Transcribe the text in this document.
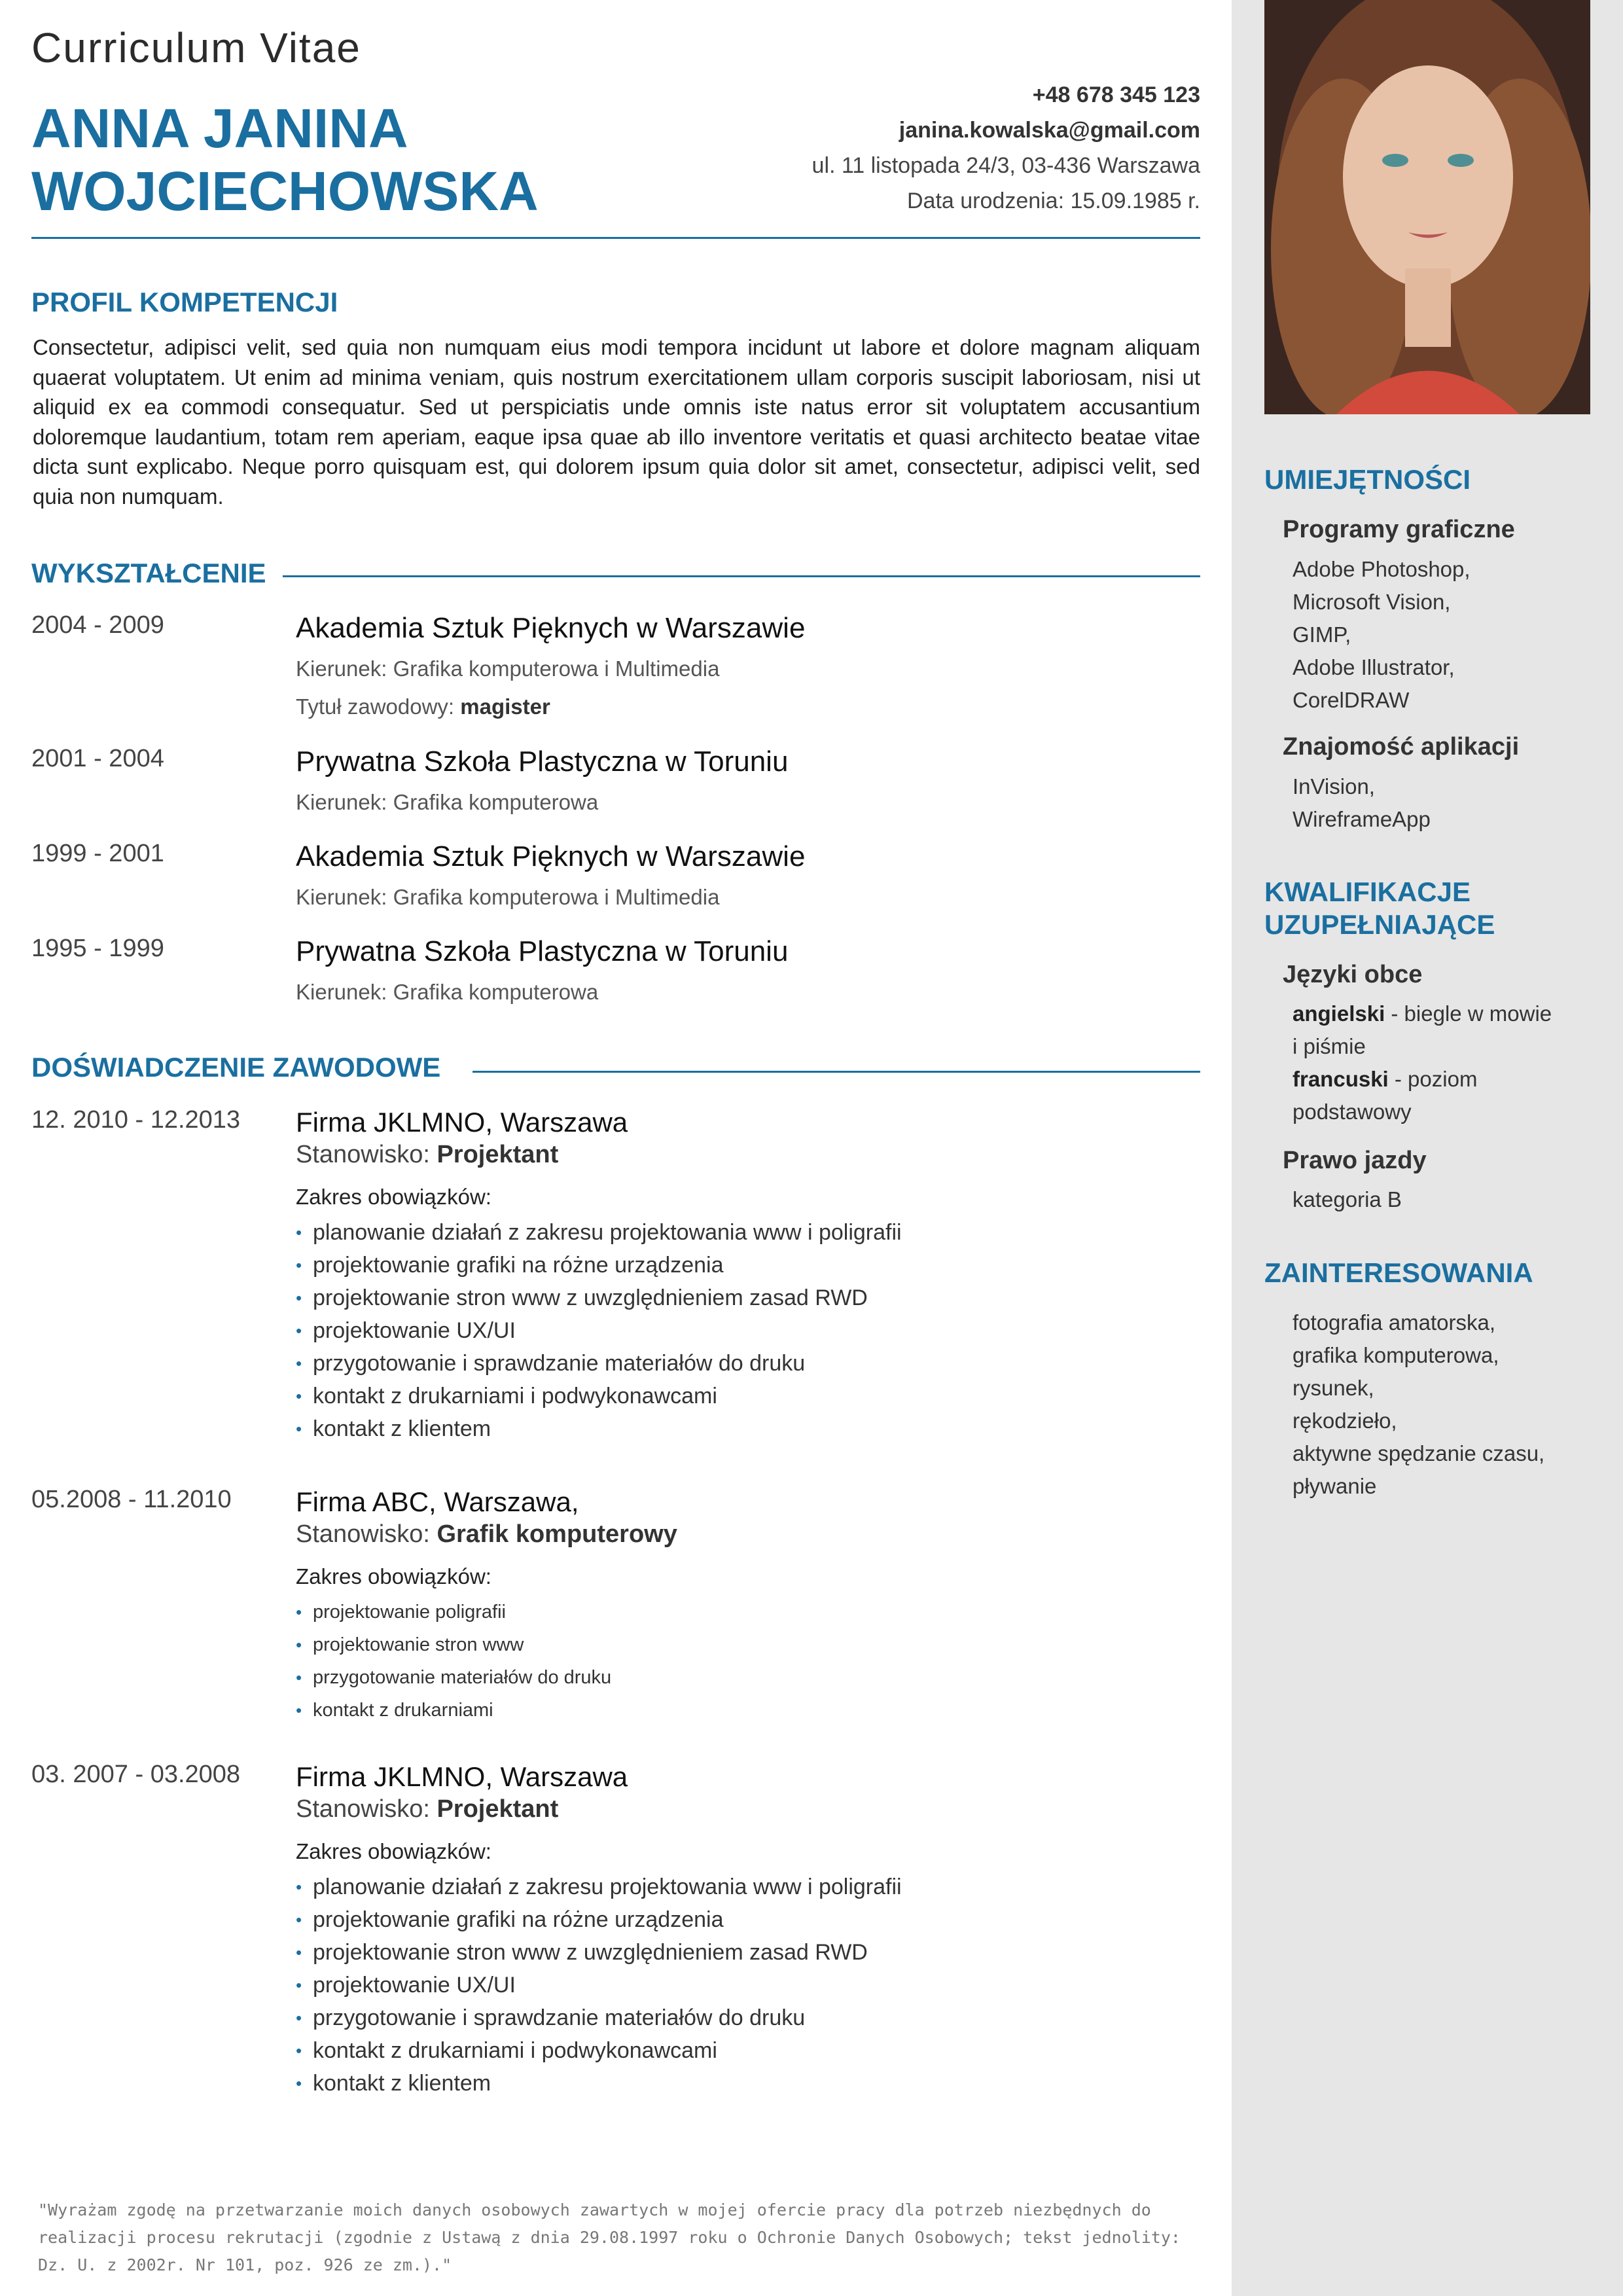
Curriculum Vitae
ANNA JANINA
WOJCIECHOWSKA
+48 678 345 123
janina.kowalska@gmail.com
ul. 11 listopada 24/3, 03-436 Warszawa
Data urodzenia: 15.09.1985 r.
PROFIL KOMPETENCJI
Consectetur, adipisci velit, sed quia non numquam eius modi tempora incidunt ut labore et dolore magnam aliquam quaerat voluptatem. Ut enim ad minima veniam, quis nostrum exercitationem ullam corporis suscipit laboriosam, nisi ut aliquid ex ea commodi consequatur. Sed ut perspiciatis unde omnis iste natus error sit voluptatem accusantium doloremque laudantium, totam rem aperiam, eaque ipsa quae ab illo inventore veritatis et quasi architecto beatae vitae dicta sunt explicabo. Neque porro quisquam est, qui dolorem ipsum quia dolor sit amet, consectetur, adipisci velit, sed quia non numquam.
WYKSZTAŁCENIE
2004 - 2009	Akademia Sztuk Pięknych w Warszawie
Kierunek: Grafika komputerowa i Multimedia
Tytuł zawodowy: magister
2001 - 2004	Prywatna Szkoła Plastyczna w Toruniu
Kierunek: Grafika komputerowa
1999 - 2001	Akademia Sztuk Pięknych w Warszawie
Kierunek: Grafika komputerowa i Multimedia
1995 - 1999	Prywatna Szkoła Plastyczna w Toruniu
Kierunek: Grafika komputerowa
DOŚWIADCZENIE ZAWODOWE
12. 2010 - 12.2013 Firma JKLMNO, Warszawa
Stanowisko: Projektant
Zakres obowiązków:
• planowanie działań z zakresu projektowania www i poligrafii
• projektowanie grafiki na różne urządzenia
• projektowanie stron www z uwzględnieniem zasad RWD
• projektowanie UX/UI
• przygotowanie i sprawdzanie materiałów do druku
• kontakt z drukarniami i podwykonawcami
• kontakt z klientem
05.2008 - 11.2010 Firma ABC, Warszawa,
Stanowisko: Grafik komputerowy
Zakres obowiązków:
• projektowanie poligrafii
• projektowanie stron www
• przygotowanie materiałów do druku
• kontakt z drukarniami
03. 2007 - 03.2008 Firma JKLMNO, Warszawa
Stanowisko: Projektant
Zakres obowiązków:
• planowanie działań z zakresu projektowania www i poligrafii
• projektowanie grafiki na różne urządzenia
• projektowanie stron www z uwzględnieniem zasad RWD
• projektowanie UX/UI
• przygotowanie i sprawdzanie materiałów do druku
• kontakt z drukarniami i podwykonawcami
• kontakt z klientem
UMIEJĘTNOŚCI
Programy graficzne
Adobe Photoshop,
Microsoft Vision,
GIMP,
Adobe Illustrator,
CorelDRAW
Znajomość aplikacji
InVision,
WireframeApp
KWALIFIKACJE
UZUPEŁNIAJĄCE
Języki obce
angielski - biegle w mowie
i piśmie
francuski - poziom
podstawowy
Prawo jazdy
kategoria B
ZAINTERESOWANIA
fotografia amatorska,
grafika komputerowa,
rysunek,
rękodzieło,
aktywne spędzanie czasu,
pływanie
"Wyrażam zgodę na przetwarzanie moich danych osobowych zawartych w mojej ofercie pracy dla potrzeb niezbędnych do realizacji procesu rekrutacji (zgodnie z Ustawą z dnia 29.08.1997 roku o Ochronie Danych Osobowych; tekst jednolity: Dz. U. z 2002r. Nr 101, poz. 926 ze zm.)."
